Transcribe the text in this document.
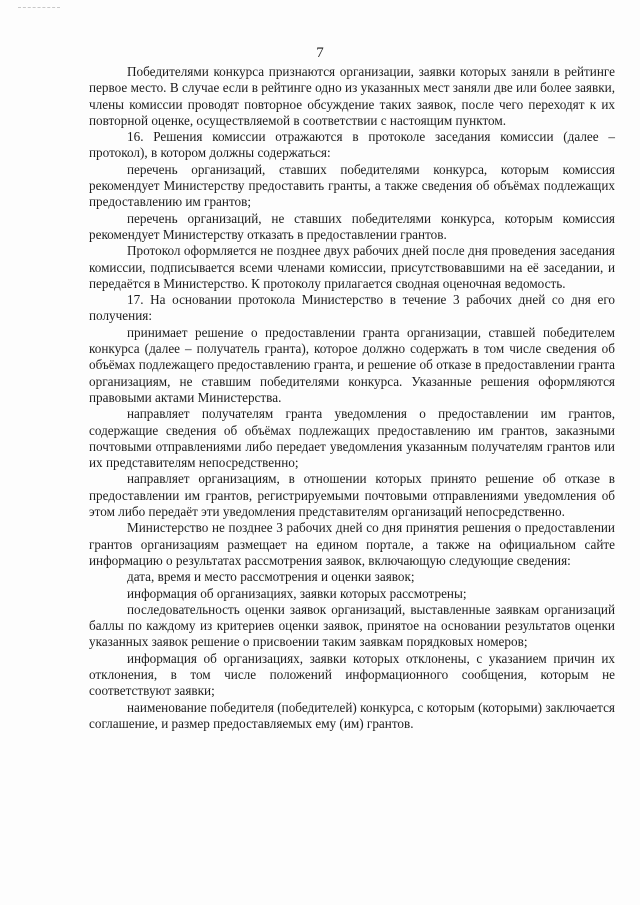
7

Победителями конкурса признаются организации, заявки которых заняли в рейтинге первое место. В случае если в рейтинге одно из указанных мест заняли две или более заявки, члены комиссии проводят повторное обсуждение таких заявок, после чего переходят к их повторной оценке, осуществляемой в соответствии с настоящим пунктом.

16. Решения комиссии отражаются в протоколе заседания комиссии (далее – протокол), в котором должны содержаться:

перечень организаций, ставших победителями конкурса, которым комиссия рекомендует Министерству предоставить гранты, а также сведения об объёмах подлежащих предоставлению им грантов;

перечень организаций, не ставших победителями конкурса, которым комиссия рекомендует Министерству отказать в предоставлении грантов.

Протокол оформляется не позднее двух рабочих дней после дня проведения заседания комиссии, подписывается всеми членами комиссии, присутствовавшими на её заседании, и передаётся в Министерство. К протоколу прилагается сводная оценочная ведомость.

17. На основании протокола Министерство в течение 3 рабочих дней со дня его получения:

принимает решение о предоставлении гранта организации, ставшей победителем конкурса (далее – получатель гранта), которое должно содержать в том числе сведения об объёмах подлежащего предоставлению гранта, и решение об отказе в предоставлении гранта организациям, не ставшим победителями конкурса. Указанные решения оформляются правовыми актами Министерства.

направляет получателям гранта уведомления о предоставлении им грантов, содержащие сведения об объёмах подлежащих предоставлению им грантов, заказными почтовыми отправлениями либо передает уведомления указанным получателям грантов или их представителям непосредственно;

направляет организациям, в отношении которых принято решение об отказе в предоставлении им грантов, регистрируемыми почтовыми отправлениями уведомления об этом либо передаёт эти уведомления представителям организаций непосредственно.

Министерство не позднее 3 рабочих дней со дня принятия решения о предоставлении грантов организациям размещает на едином портале, а также на официальном сайте информацию о результатах рассмотрения заявок, включающую следующие сведения:

дата, время и место рассмотрения и оценки заявок;

информация об организациях, заявки которых рассмотрены;

последовательность оценки заявок организаций, выставленные заявкам организаций баллы по каждому из критериев оценки заявок, принятое на основании результатов оценки указанных заявок решение о присвоении таким заявкам порядковых номеров;

информация об организациях, заявки которых отклонены, с указанием причин их отклонения, в том числе положений информационного сообщения, которым не соответствуют заявки;

наименование победителя (победителей) конкурса, с которым (которыми) заключается соглашение, и размер предоставляемых ему (им) грантов.
